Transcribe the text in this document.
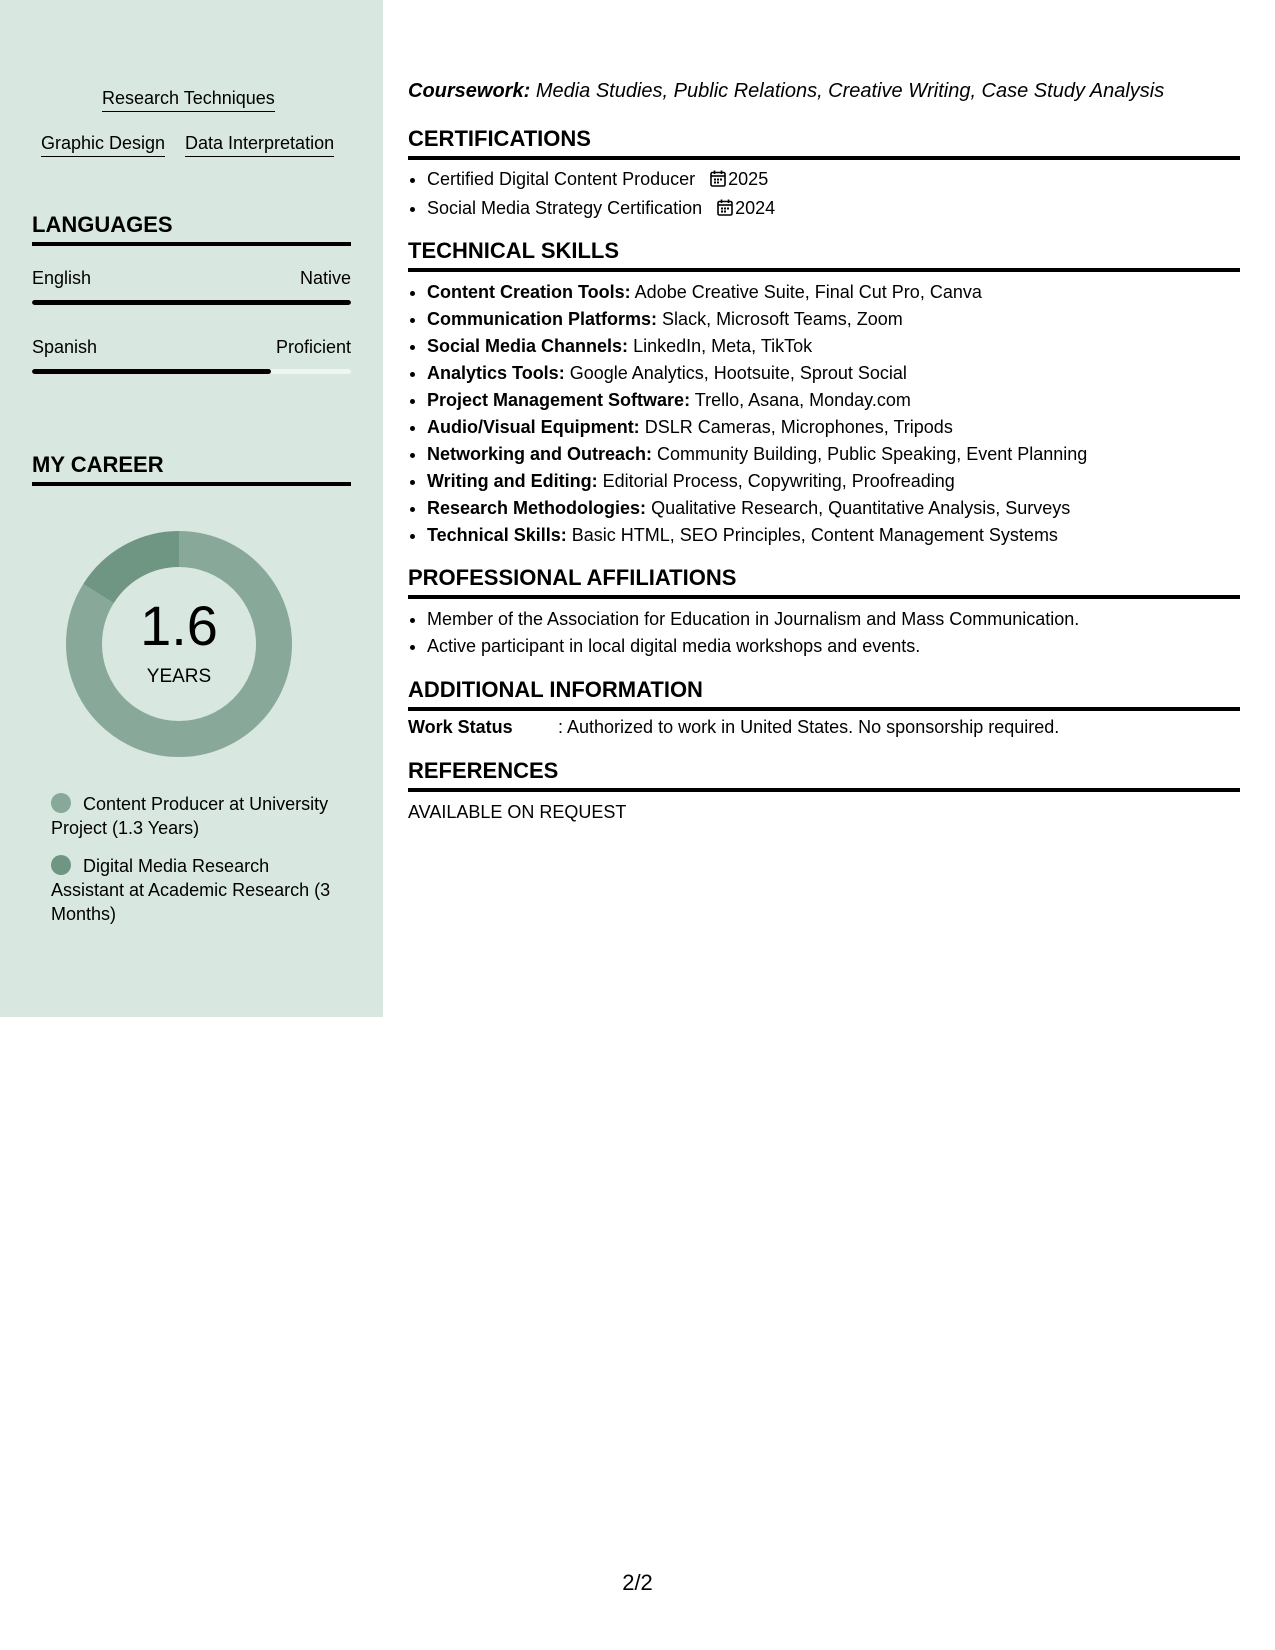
Research Techniques
Graphic Design Data Interpretation
LANGUAGES
English	Native
Spanish	Proficient
MY CAREER
1.6
YEARS
Content Producer at University Project (1.3 Years)
Digital Media Research Assistant at Academic Research (3 Months)
Coursework: Media Studies, Public Relations, Creative Writing, Case Study Analysis
CERTIFICATIONS
• Certified Digital Content Producer 2025
• Social Media Strategy Certification 2024
TECHNICAL SKILLS
• Content Creation Tools: Adobe Creative Suite, Final Cut Pro, Canva
• Communication Platforms: Slack, Microsoft Teams, Zoom
• Social Media Channels: LinkedIn, Meta, TikTok
• Analytics Tools: Google Analytics, Hootsuite, Sprout Social
• Project Management Software: Trello, Asana, Monday.com
• Audio/Visual Equipment: DSLR Cameras, Microphones, Tripods
• Networking and Outreach: Community Building, Public Speaking, Event Planning
• Writing and Editing: Editorial Process, Copywriting, Proofreading
• Research Methodologies: Qualitative Research, Quantitative Analysis, Surveys
• Technical Skills: Basic HTML, SEO Principles, Content Management Systems
PROFESSIONAL AFFILIATIONS
• Member of the Association for Education in Journalism and Mass Communication.
• Active participant in local digital media workshops and events.
ADDITIONAL INFORMATION
Work Status	: Authorized to work in United States. No sponsorship required.
REFERENCES
AVAILABLE ON REQUEST
2/2
